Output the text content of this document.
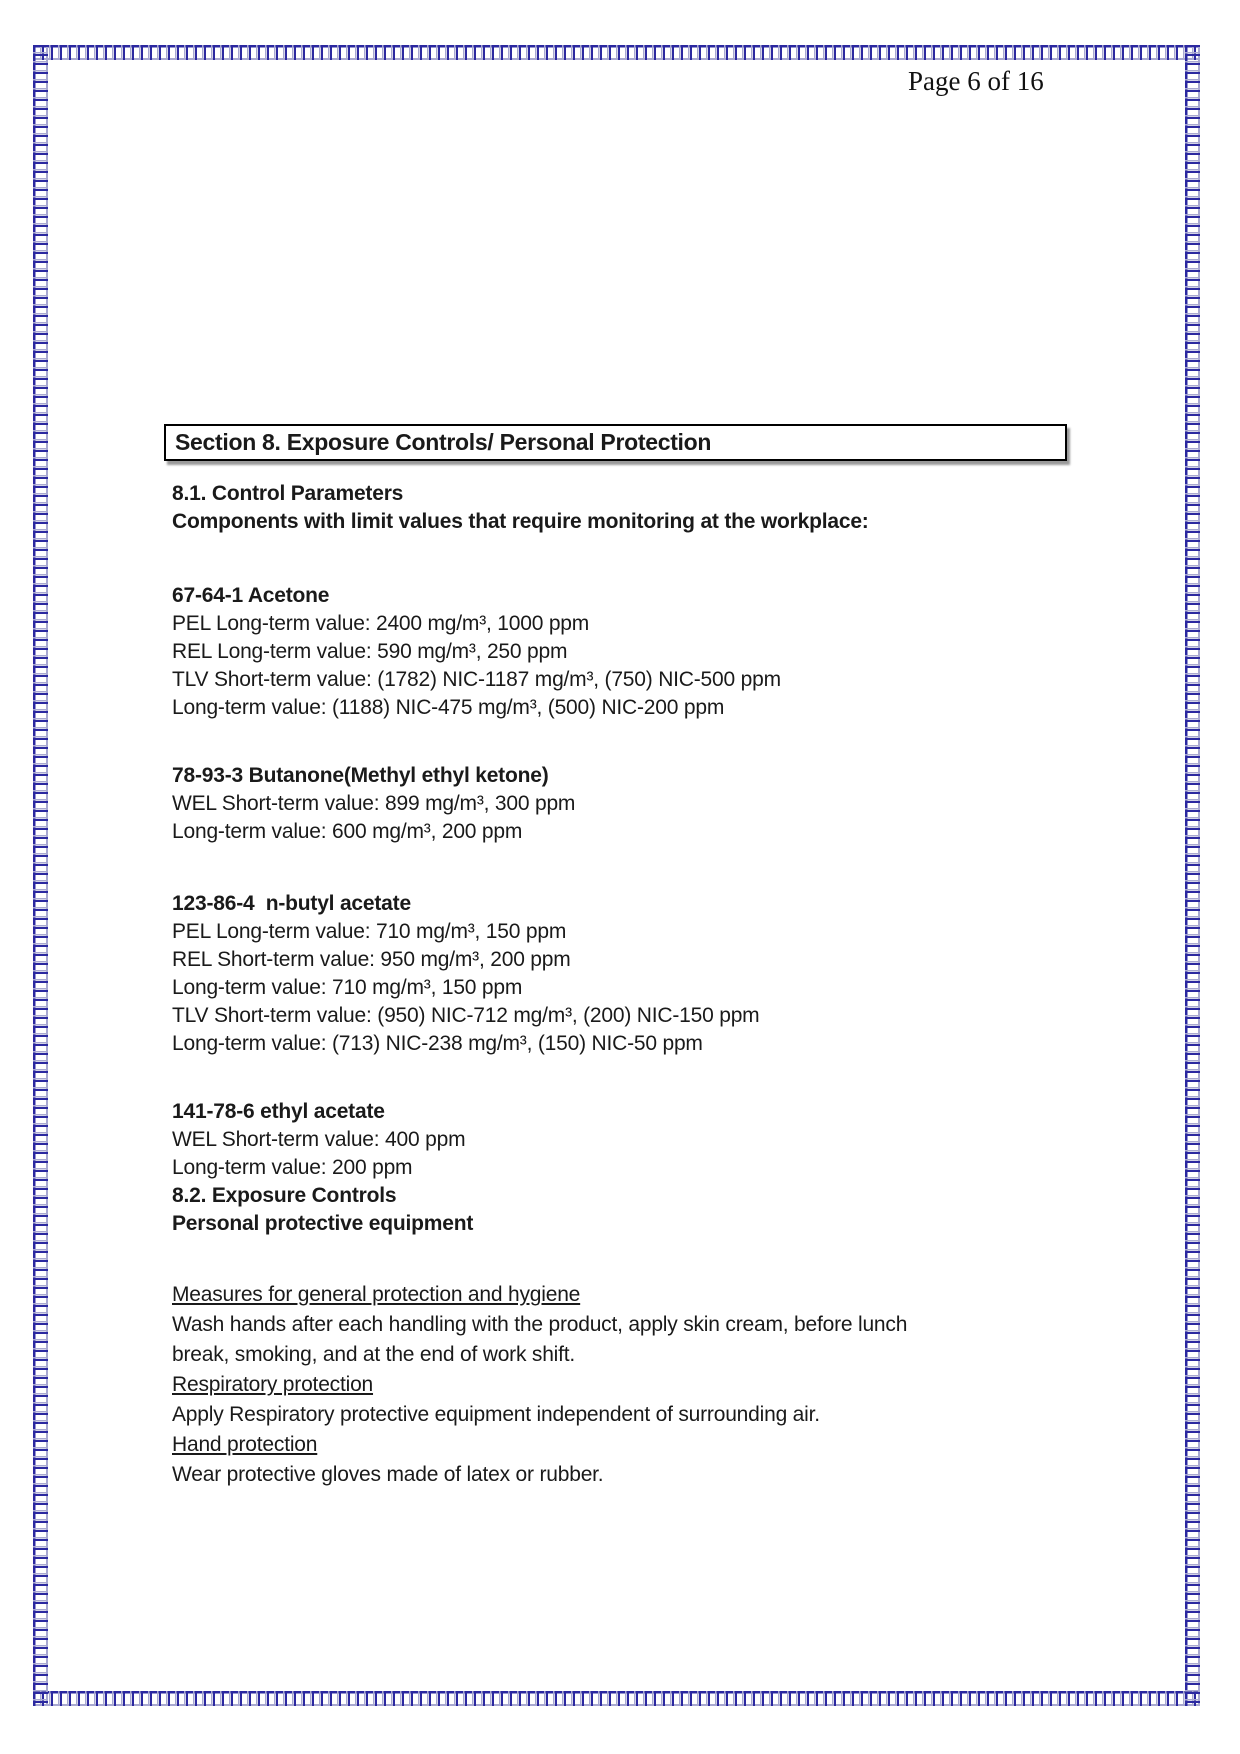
Page 6 of 16
Section 8. Exposure Controls/ Personal Protection

8.1. Control Parameters

Components with limit values that require monitoring at the workplace:

67-64-1 Acetone

PEL Long-term value: 2400 mg/m³, 1000 ppm

REL Long-term value: 590 mg/m³, 250 ppm

TLV Short-term value: (1782) NIC-1187 mg/m³, (750) NIC-500 ppm

Long-term value: (1188) NIC-475 mg/m³, (500) NIC-200 ppm

78-93-3 Butanone(Methyl ethyl ketone)

WEL Short-term value: 899 mg/m³, 300 ppm

Long-term value: 600 mg/m³, 200 ppm

123-86-4  n-butyl acetate

PEL Long-term value: 710 mg/m³, 150 ppm

REL Short-term value: 950 mg/m³, 200 ppm

Long-term value: 710 mg/m³, 150 ppm

TLV Short-term value: (950) NIC-712 mg/m³, (200) NIC-150 ppm

Long-term value: (713) NIC-238 mg/m³, (150) NIC-50 ppm

141-78-6 ethyl acetate

WEL Short-term value: 400 ppm

Long-term value: 200 ppm

8.2. Exposure Controls

Personal protective equipment

Measures for general protection and hygiene

Wash hands after each handling with the product, apply skin cream, before lunch

break, smoking, and at the end of work shift.

Respiratory protection

Apply Respiratory protective equipment independent of surrounding air.

Hand protection

Wear protective gloves made of latex or rubber.
